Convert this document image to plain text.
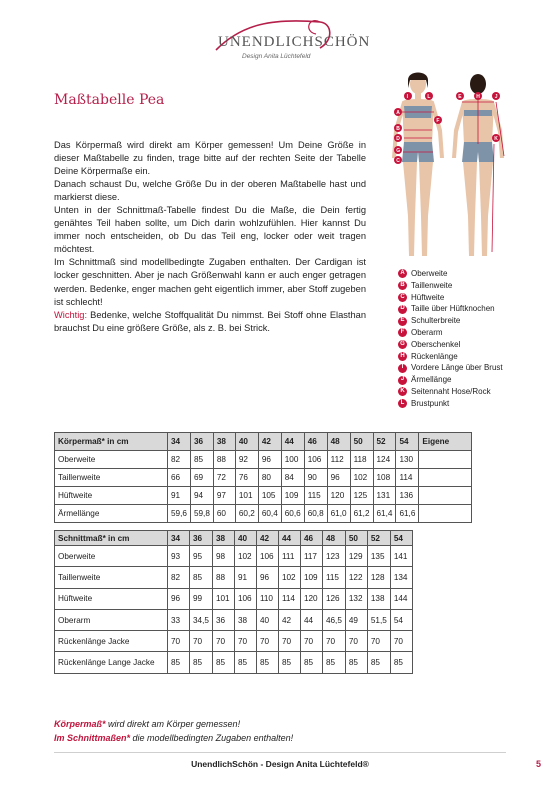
UNENDLICHSCHÖN
Design Anita Lüchtefeld
Maßtabelle Pea

Das Körpermaß wird direkt am Körper gemessen! Um Deine Größe in dieser Maßtabelle zu finden, trage bitte auf der rechten Seite der Tabelle Deine Körpermaße ein.

Danach schaust Du, welche Größe Du in der oberen Maßtabelle hast und markierst diese.

Unten in der Schnittmaß-Tabelle findest Du die Maße, die Dein fertig genähtes Teil haben sollte, um Dich darin wohlzufühlen. Hier kannst Du immer noch entscheiden, ob Du das Teil eng, locker oder weit tragen möchtest.

Im Schnittmaß sind modellbedingte Zugaben enthalten. Der Cardigan ist locker geschnitten. Aber je nach Größenwahl kann er auch enger getragen werden. Bedenke, enger machen geht eigentlich immer, aber Stoff zugeben ist schlecht!

Wichtig: Bedenke, welche Stoffqualität Du nimmst. Bei Stoff ohne Elasthan brauchst Du eine größere Größe, als z. B. bei Strick.

I	L
A
F
B
D
G
C
E	H	J
K
A Oberweite
B Taillenweite
C Hüftweite
D Taille über Hüftknochen
E Schulterbreite
F Oberarm
G Oberschenkel
H Rückenlänge
I Vordere Länge über Brust
J Ärmellänge
K Seitennaht Hose/Rock
L Brustpunkt
Körpermaß* in cm	34	36	38	40	42	44	46	48	50	52	54	Eigene
Oberweite	82	85	88	92	96	100	106	112	118	124	130	
Taillenweite	66	69	72	76	80	84	90	96	102	108	114	
Hüftweite	91	94	97	101	105	109	115	120	125	131	136	
Ärmellänge	59,6	59,8	60	60,2	60,4	60,6	60,8	61,0	61,2	61,4	61,6	
Schnittmaß* in cm	34	36	38	40	42	44	46	48	50	52	54
Oberweite	93	95	98	102	106	111	117	123	129	135	141
Taillenweite	82	85	88	91	96	102	109	115	122	128	134
Hüftweite	96	99	101	106	110	114	120	126	132	138	144
Oberarm	33	34,5	36	38	40	42	44	46,5	49	51,5	54
Rückenlänge Jacke	70	70	70	70	70	70	70	70	70	70	70
Rückenlänge Lange Jacke	85	85	85	85	85	85	85	85	85	85	85
Körpermaß* wird direkt am Körper gemessen!
Im Schnittmaßen* die modellbedingten Zugaben enthalten!
UnendlichSchön - Design Anita Lüchtefeld®	5
